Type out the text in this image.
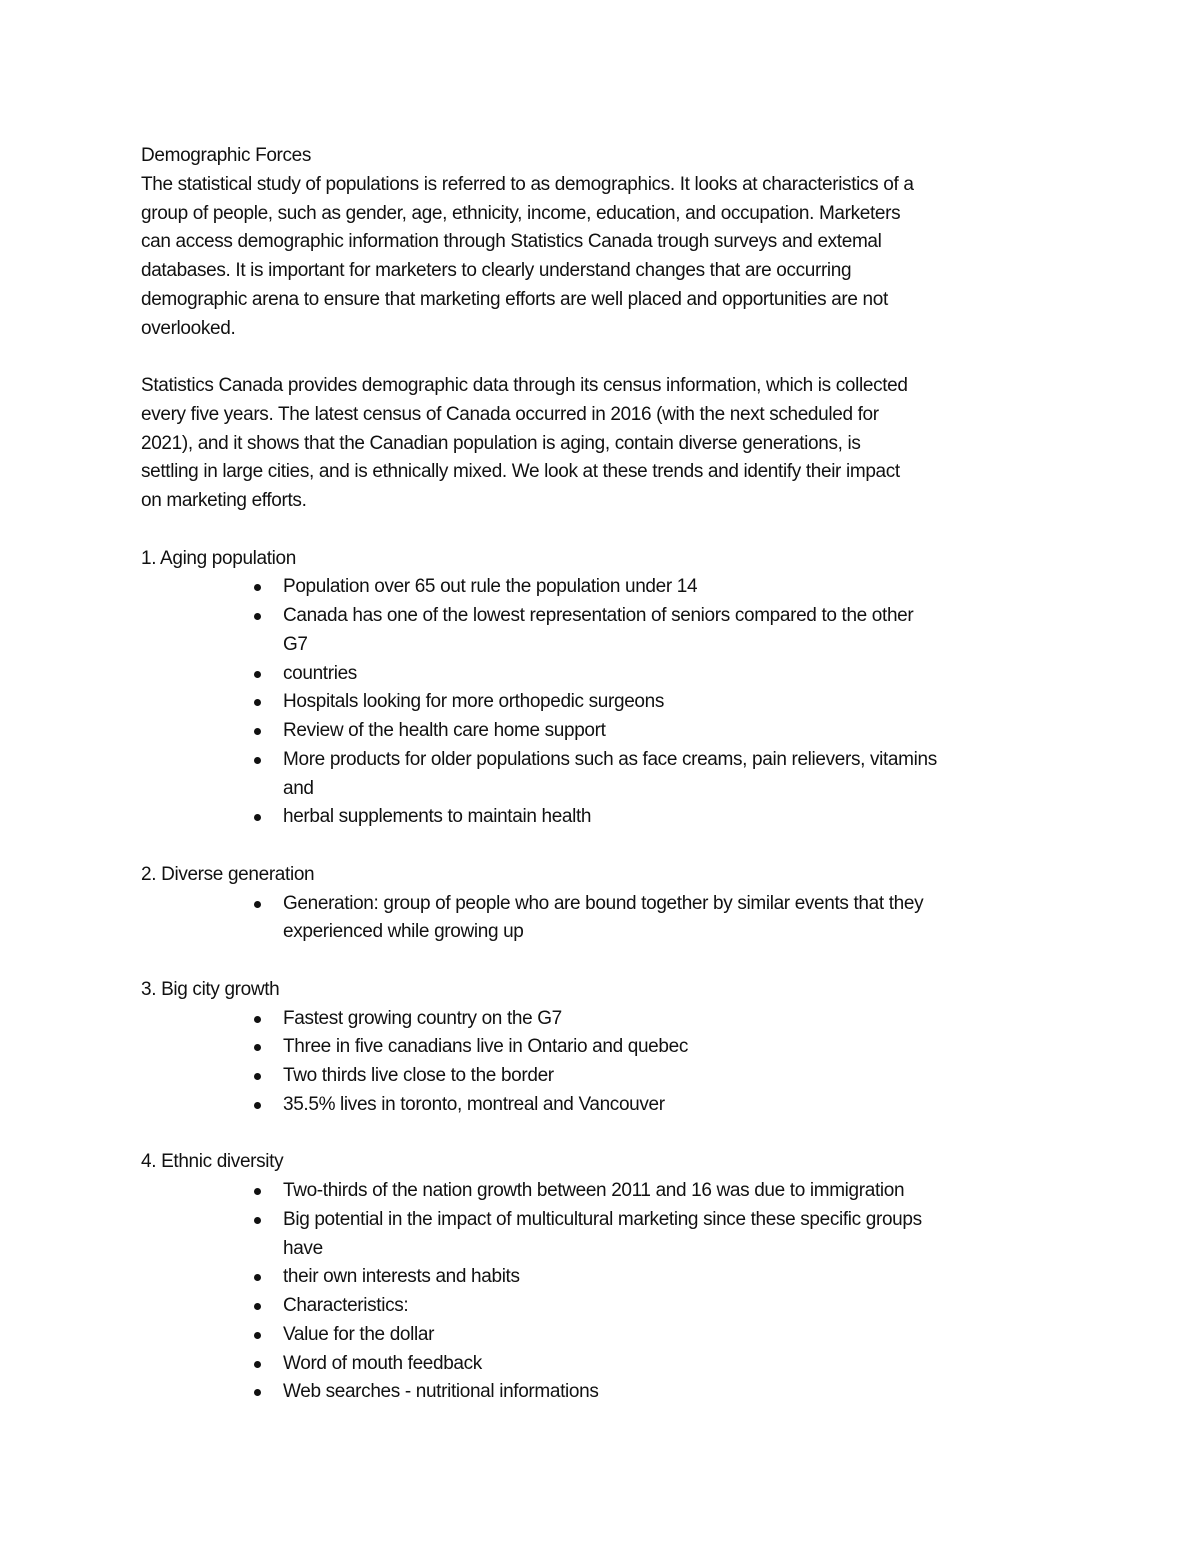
Demographic Forces
The statistical study of populations is referred to as demographics. It looks at characteristics of a
group of people, such as gender, age, ethnicity, income, education, and occupation. Marketers
can access demographic information through Statistics Canada trough surveys and extemal
databases. It is important for marketers to clearly understand changes that are occurring
demographic arena to ensure that marketing efforts are well placed and opportunities are not
overlooked.
Statistics Canada provides demographic data through its census information, which is collected
every five years. The latest census of Canada occurred in 2016 (with the next scheduled for
2021), and it shows that the Canadian population is aging, contain diverse generations, is
settling in large cities, and is ethnically mixed. We look at these trends and identify their impact
on marketing efforts.
1. Aging population
Population over 65 out rule the population under 14
Canada has one of the lowest representation of seniors compared to the other
G7
countries
Hospitals looking for more orthopedic surgeons
Review of the health care home support
More products for older populations such as face creams, pain relievers, vitamins
and
herbal supplements to maintain health
2. Diverse generation
Generation: group of people who are bound together by similar events that they
experienced while growing up
3. Big city growth
Fastest growing country on the G7
Three in five canadians live in Ontario and quebec
Two thirds live close to the border
35.5% lives in toronto, montreal and Vancouver
4. Ethnic diversity
Two-thirds of the nation growth between 2011 and 16 was due to immigration
Big potential in the impact of multicultural marketing since these specific groups
have
their own interests and habits
Characteristics:
Value for the dollar
Word of mouth feedback
Web searches - nutritional informations
